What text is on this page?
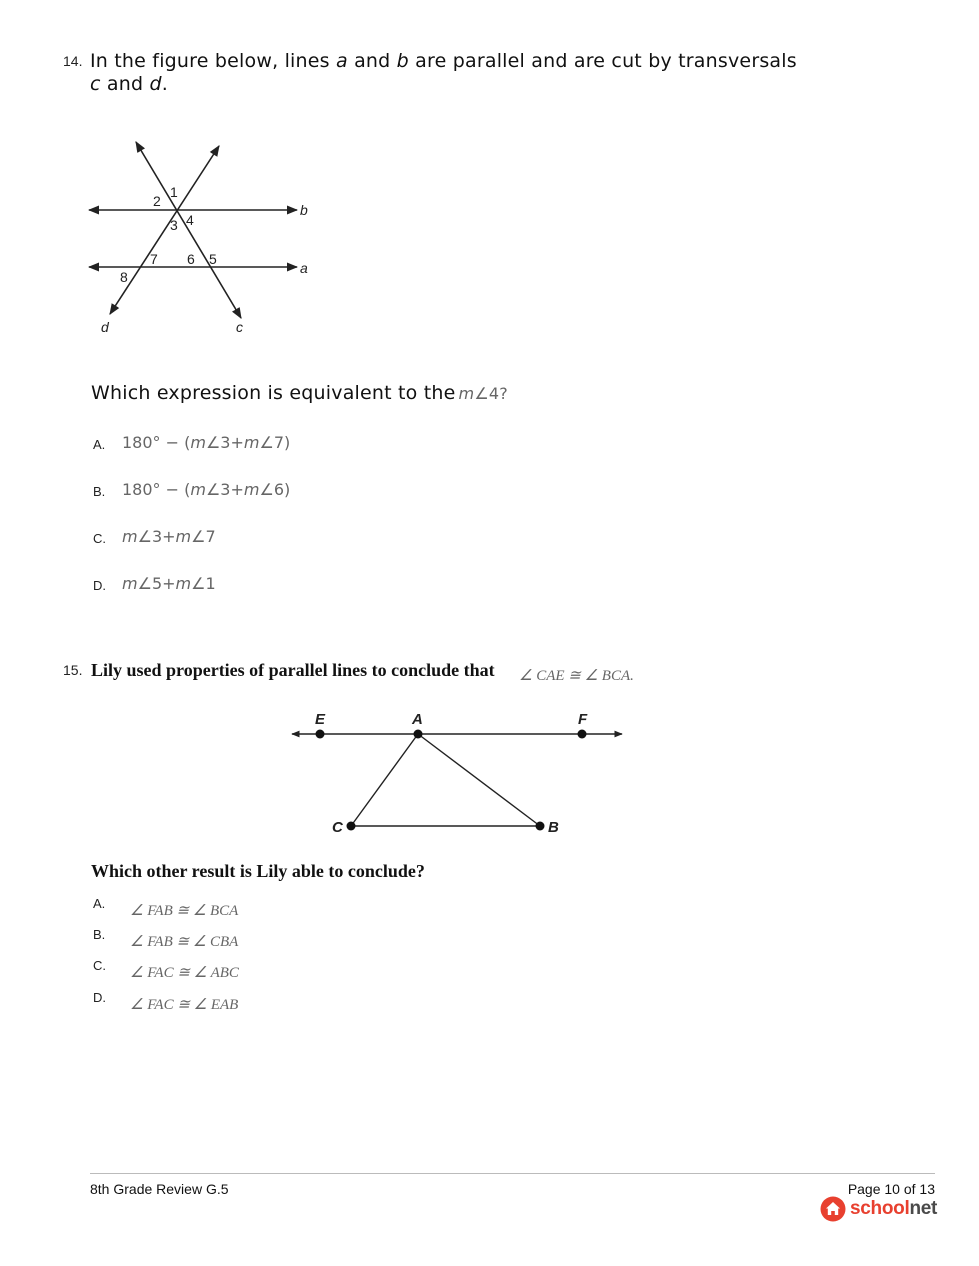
14. In the figure below, lines a and b are parallel and are cut by transversals
c and d.
1
2
3 4
5
6
7
8
a
b
c
d
Which expression is equivalent to the m∠4?
A. 180° − (m∠3+m∠7)
B. 180° − (m∠3+m∠6)
C. m∠3+m∠7
D. m∠5+m∠1
15. Lily used properties of parallel lines to conclude that ∠ CAE ≅ ∠ BCA.
E	A	F
C	B
Which other result is Lily able to conclude?
A. ∠ FAB ≅ ∠ BCA
B. ∠ FAB ≅ ∠ CBA
C. ∠ FAC ≅ ∠ ABC
D. ∠ FAC ≅ ∠ EAB
8th Grade Review G.5	Page 10 of 13
school net
